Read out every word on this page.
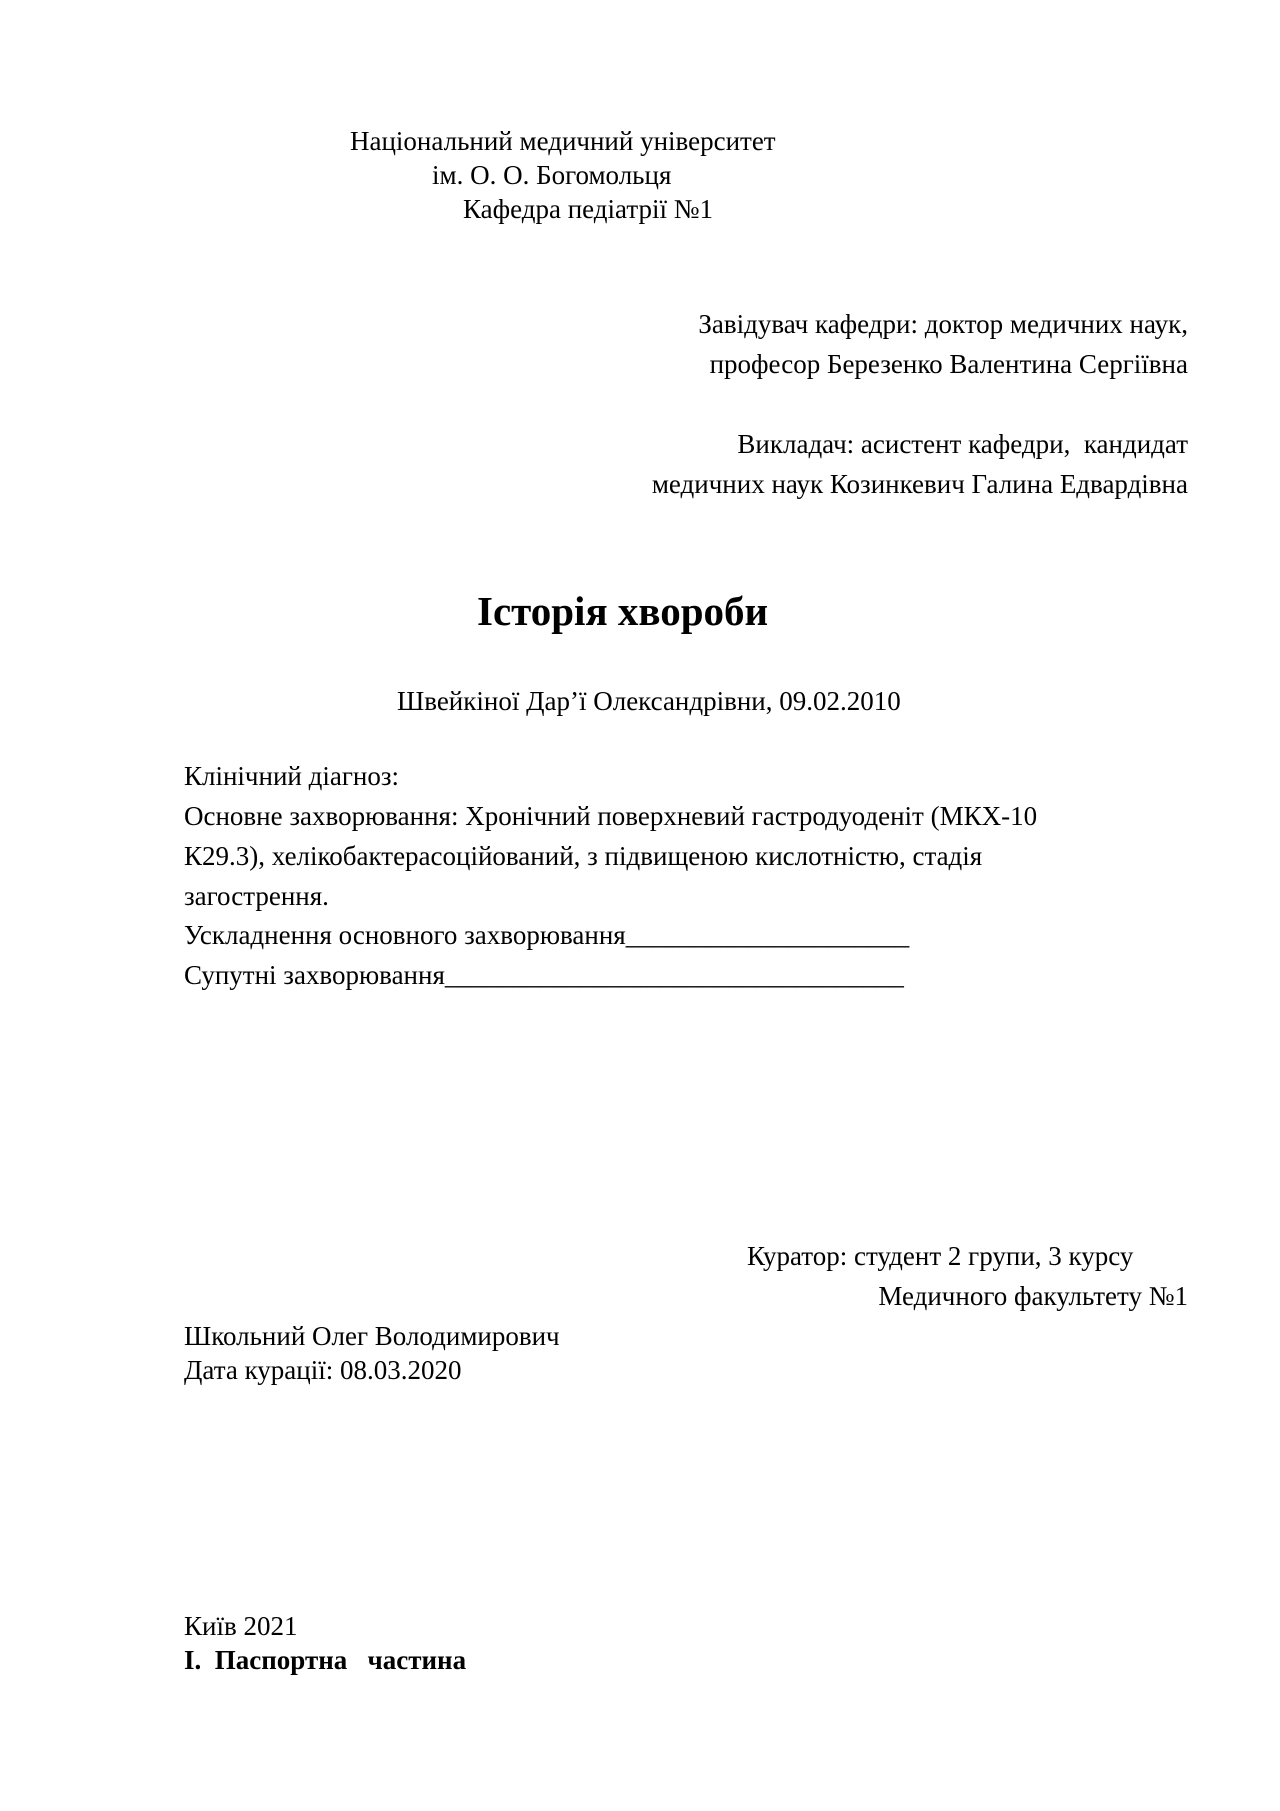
Національний медичний університет
ім. О. О. Богомольця
Кафедра педіатрії №1
Завідувач кафедри: доктор медичних наук,
професор Березенко Валентина Сергіївна
Викладач: асистент кафедри,  кандидат
медичних наук Козинкевич Галина Едвардівна
Історія хвороби
Швейкіної Дар’ї Олександрівни, 09.02.2010
Клінічний діагноз:
Основне захворювання: Хронічний поверхневий гастродуоденіт (МКХ-10
К29.3), хелікобактерасоційований, з підвищеною кислотністю, стадія
загострення.
Ускладнення основного захворювання_____________________
Супутні захворювання__________________________________
Куратор: студент 2 групи, 3 курсу
Медичного факультету №1
Школьний Олег Володимирович
Дата курації: 08.03.2020
Київ 2021
І.  Паспортна   частина
